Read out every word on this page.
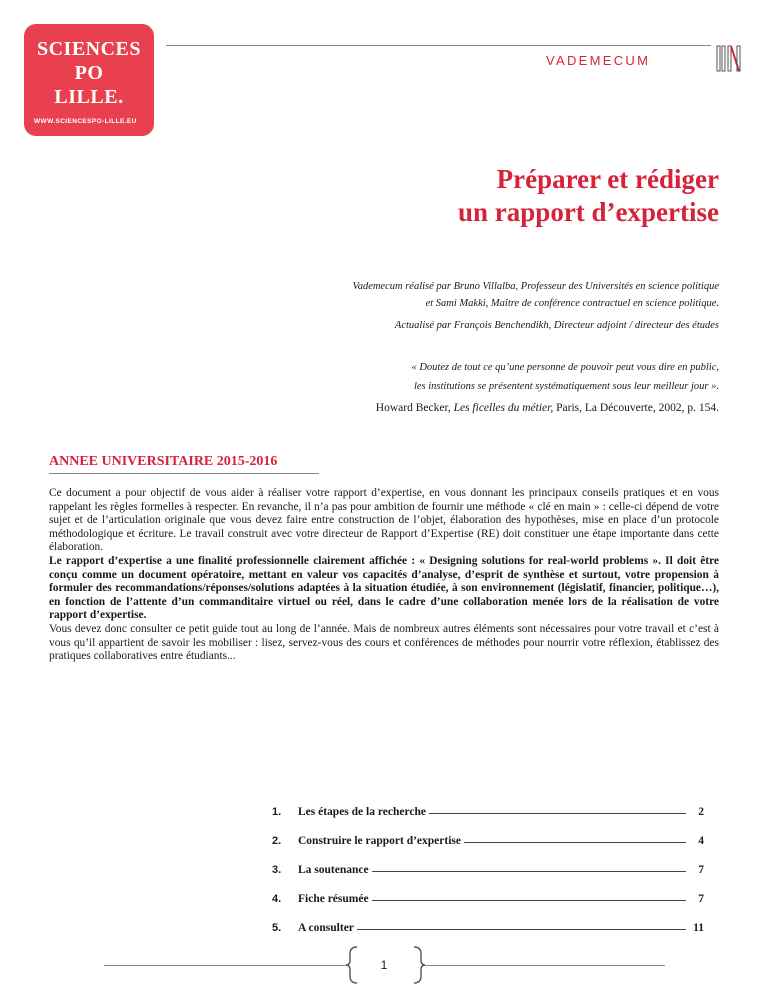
SCIENCES
PO
LILLE.
WWW.SCIENCESPO-LILLE.EU
VADEMECUM
Préparer et rédiger
un rapport d’expertise

Vademecum réalisé par Bruno Villalba, Professeur des Universités en science politique

et Sami Makki, Maître de conférence contractuel en science politique.

Actualisé par François Benchendikh, Directeur adjoint / directeur des études

« Doutez de tout ce qu’une personne de pouvoir peut vous dire en public,

les institutions se présentent systématiquement sous leur meilleur jour ».

Howard Becker, Les ficelles du métier, Paris, La Découverte, 2002, p. 154.

ANNEE UNIVERSITAIRE 2015-2016

Ce document a pour objectif de vous aider à réaliser votre rapport d’expertise, en vous donnant les principaux conseils pratiques et en vous rappelant les règles formelles à respecter. En revanche, il n’a pas pour ambition de fournir une méthode « clé en main » : celle-ci dépend de votre sujet et de l’articulation originale que vous devez faire entre construction de l’objet, élaboration des hypothèses, mise en place d’un protocole méthodologique et écriture. Le travail construit avec votre directeur de Rapport d’Expertise (RE) doit constituer une étape importante dans cette élaboration.

Le rapport d’expertise a une finalité professionnelle clairement affichée : « Designing solutions for real-world problems ». Il doit être conçu comme un document opératoire, mettant en valeur vos capacités d’analyse, d’esprit de synthèse et surtout, votre propension à formuler des recommandations/réponses/solutions adaptées à la situation étudiée, à son environnement (législatif, financier, politique…), en fonction de l’attente d’un commanditaire virtuel ou réel, dans le cadre d’une collaboration menée lors de la réalisation de votre rapport d’expertise.

Vous devez donc consulter ce petit guide tout au long de l’année. Mais de nombreux autres éléments sont nécessaires pour votre travail et c’est à vous qu’il appartient de savoir les mobiliser : lisez, servez-vous des cours et conférences de méthodes pour nourrir votre réflexion, établissez des pratiques collaboratives entre étudiants...

1. Les étapes de la recherche	2
2. Construire le rapport d’expertise	4
3. La soutenance	7
4. Fiche résumée	7
5. A consulter	11
1
